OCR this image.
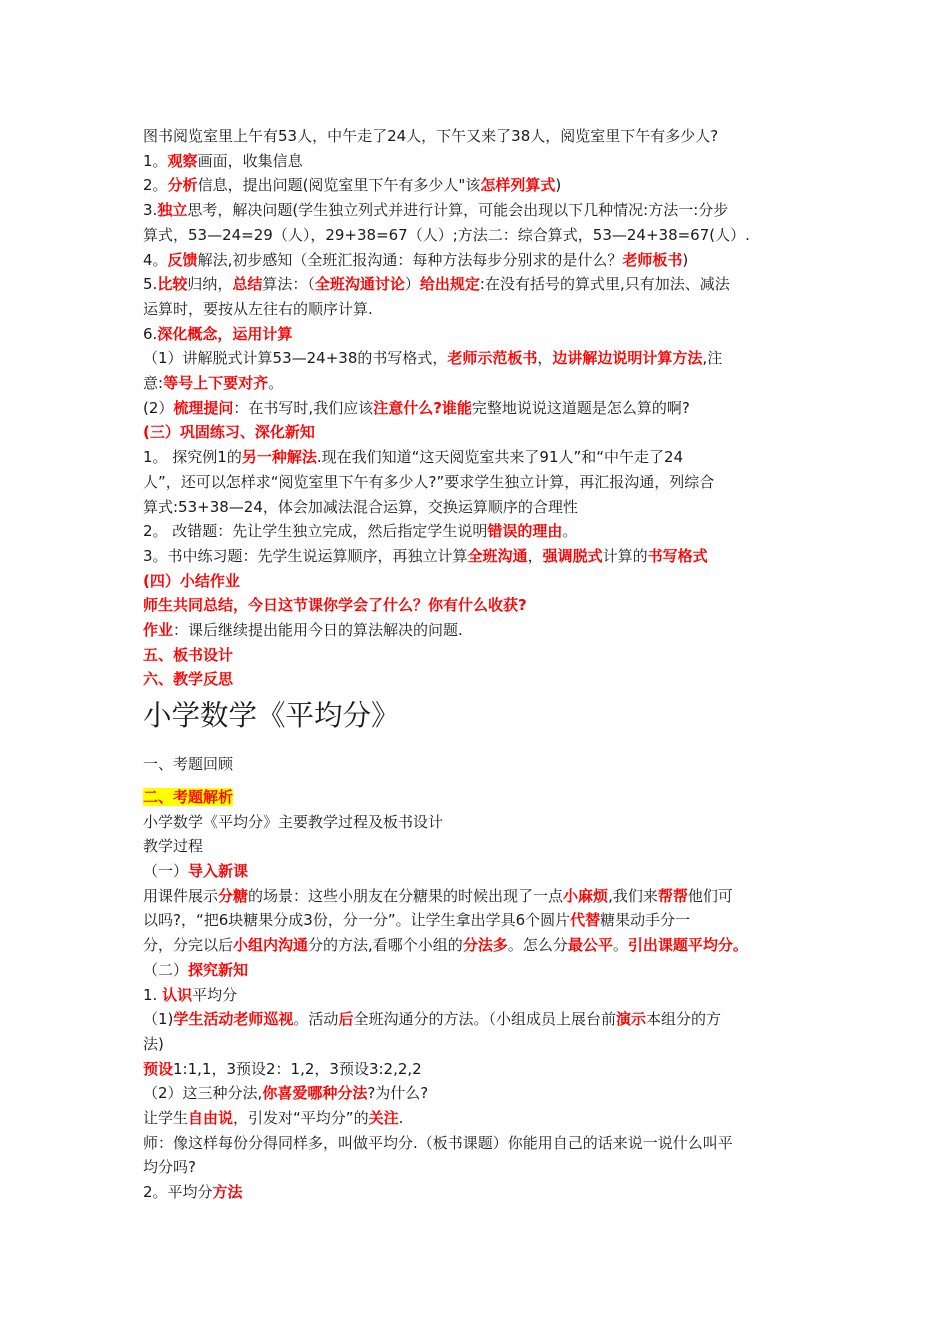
图书阅览室里上午有53人，中午走了24人，下午又来了38人，阅览室里下午有多少人?

1。观察画面，收集信息

2。分析信息，提出问题(阅览室里下午有多少人"该怎样列算式)

3.独立思考，解决问题(学生独立列式并进行计算，可能会出现以下几种情况:方法一:分步

算式，53—24=29（人），29+38=67（人）;方法二：综合算式，53—24+38=67(人）.

4。反馈解法,初步感知（全班汇报沟通：每种方法每步分别求的是什么？老师板书)

5.比较归纳，总结算法：（全班沟通讨论）给出规定:在没有括号的算式里,只有加法、减法

运算时，要按从左往右的顺序计算.

6.深化概念，运用计算

（1）讲解脱式计算53—24+38的书写格式，老师示范板书，边讲解边说明计算方法,注

意:等号上下要对齐。

(2）梳理提问：在书写时,我们应该注意什么?谁能完整地说说这道题是怎么算的啊?

(三）巩固练习、深化新知

1。 探究例1的另一种解法.现在我们知道“这天阅览室共来了91人”和“中午走了24

人”，还可以怎样求“阅览室里下午有多少人?”要求学生独立计算，再汇报沟通，列综合

算式:53+38—24，体会加减法混合运算，交换运算顺序的合理性

2。 改错题：先让学生独立完成，然后指定学生说明错误的理由。

3。书中练习题：先学生说运算顺序，再独立计算全班沟通，强调脱式计算的书写格式

(四）小结作业

师生共同总结，今日这节课你学会了什么？你有什么收获?

作业：课后继续提出能用今日的算法解决的问题.

五、板书设计

六、教学反思

小学数学《平均分》

一、考题回顾

二、考题解析

小学数学《平均分》主要教学过程及板书设计

教学过程

（一）导入新课

用课件展示分糖的场景：这些小朋友在分糖果的时候出现了一点小麻烦,我们来帮帮他们可

以吗?，“把6块糖果分成3份，分一分”。让学生拿出学具6个圆片代替糖果动手分一

分，分完以后小组内沟通分的方法,看哪个小组的分法多。怎么分最公平。引出课题平均分。

（二）探究新知

1. 认识平均分

（1)学生活动老师巡视。活动后全班沟通分的方法。（小组成员上展台前演示本组分的方

法)

预设1:1,1，3预设2：1,2，3预设3:2,2,2

（2）这三种分法,你喜爱哪种分法?为什么?

让学生自由说，引发对“平均分”的关注.

师：像这样每份分得同样多，叫做平均分.（板书课题）你能用自己的话来说一说什么叫平

均分吗?

2。平均分方法
